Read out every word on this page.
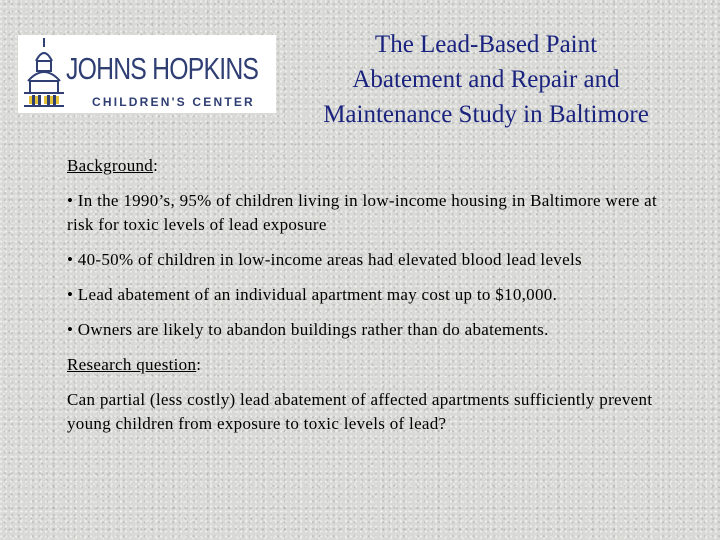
JOHNS HOPKINS
CHILDREN'S CENTER
The Lead-Based Paint
Abatement and Repair and
Maintenance Study in Baltimore

Background:

• In the 1990’s, 95% of children living in low-income housing in Baltimore were at risk for toxic levels of lead exposure

• 40-50% of children in low-income areas had elevated blood lead levels

• Lead abatement of an individual apartment may cost up to $10,000.

• Owners are likely to abandon buildings rather than do abatements.

Research question:

Can partial (less costly) lead abatement of affected apartments sufficiently prevent young children from exposure to toxic levels of lead?
